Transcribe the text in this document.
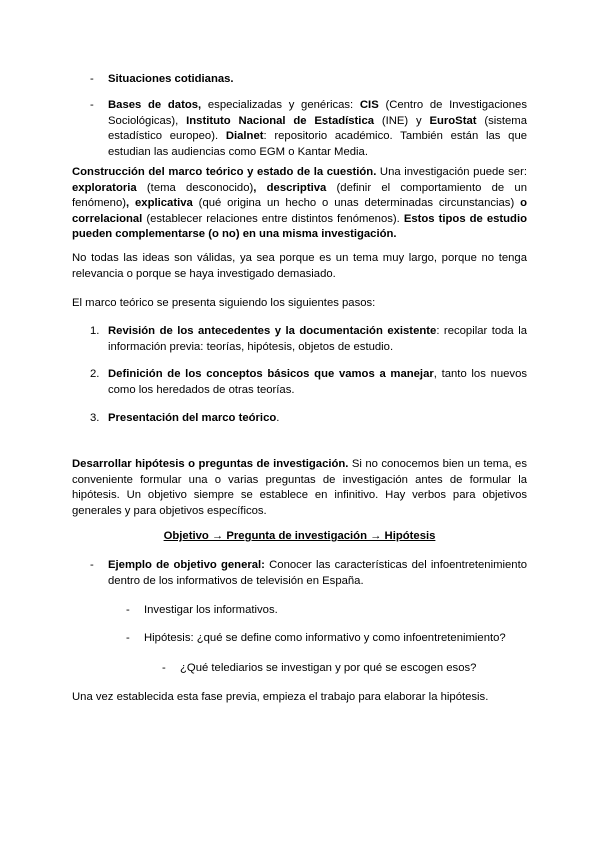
- Situaciones cotidianas.
- Bases de datos, especializadas y genéricas: CIS (Centro de Investigaciones Sociológicas), Instituto Nacional de Estadística (INE) y EuroStat (sistema estadístico europeo). Dialnet: repositorio académico. También están las que estudian las audiencias como EGM o Kantar Media.
Construcción del marco teórico y estado de la cuestión. Una investigación puede ser: exploratoria (tema desconocido), descriptiva (definir el comportamiento de un fenómeno), explicativa (qué origina un hecho o unas determinadas circunstancias) o correlacional (establecer relaciones entre distintos fenómenos). Estos tipos de estudio pueden complementarse (o no) en una misma investigación.
No todas las ideas son válidas, ya sea porque es un tema muy largo, porque no tenga relevancia o porque se haya investigado demasiado.
El marco teórico se presenta siguiendo los siguientes pasos:
1. Revisión de los antecedentes y la documentación existente: recopilar toda la información previa: teorías, hipótesis, objetos de estudio.
2. Definición de los conceptos básicos que vamos a manejar, tanto los nuevos como los heredados de otras teorías.
3. Presentación del marco teórico.
Desarrollar hipótesis o preguntas de investigación. Si no conocemos bien un tema, es conveniente formular una o varias preguntas de investigación antes de formular la hipótesis. Un objetivo siempre se establece en infinitivo. Hay verbos para objetivos generales y para objetivos específicos.
Objetivo → Pregunta de investigación → Hipótesis
- Ejemplo de objetivo general: Conocer las características del infoentretenimiento dentro de los informativos de televisión en España.
- Investigar los informativos.
- Hipótesis: ¿qué se define como informativo y como infoentretenimiento?
- ¿Qué telediarios se investigan y por qué se escogen esos?
Una vez establecida esta fase previa, empieza el trabajo para elaborar la hipótesis.
